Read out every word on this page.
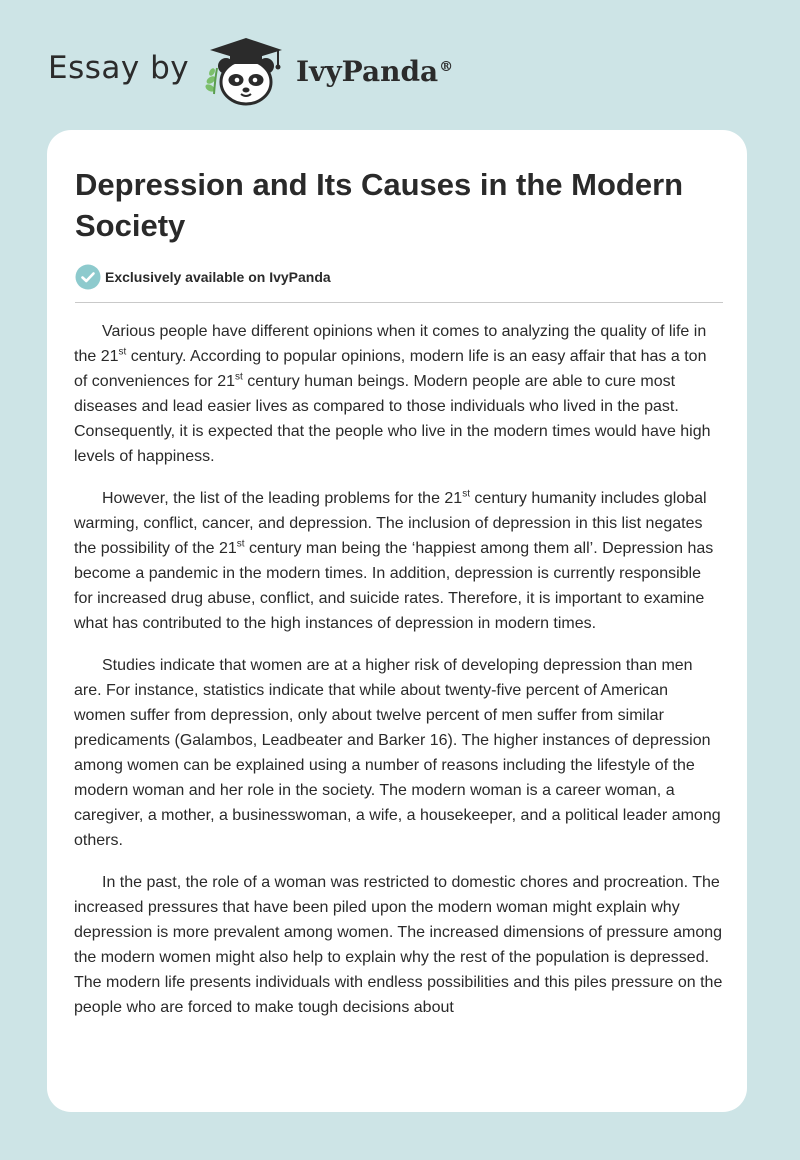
Essay by	IvyPanda®
Depression and Its Causes in the Modern Society
Exclusively available on IvyPanda

Various people have different opinions when it comes to analyzing the quality of life in the 21st century. According to popular opinions, modern life is an easy affair that has a ton of conveniences for 21st century human beings. Modern people are able to cure most diseases and lead easier lives as compared to those individuals who lived in the past. Consequently, it is expected that the people who live in the modern times would have high levels of happiness.

However, the list of the leading problems for the 21st century humanity includes global warming, conflict, cancer, and depression. The inclusion of depression in this list negates the possibility of the 21st century man being the ‘happiest among them all’. Depression has become a pandemic in the modern times. In addition, depression is currently responsible for increased drug abuse, conflict, and suicide rates. Therefore, it is important to examine what has contributed to the high instances of depression in modern times.

Studies indicate that women are at a higher risk of developing depression than men are. For instance, statistics indicate that while about twenty-five percent of American women suffer from depression, only about twelve percent of men suffer from similar predicaments (Galambos, Leadbeater and Barker 16). The higher instances of depression among women can be explained using a number of reasons including the lifestyle of the modern woman and her role in the society. The modern woman is a career woman, a caregiver, a mother, a businesswoman, a wife, a housekeeper, and a political leader among others.

In the past, the role of a woman was restricted to domestic chores and procreation. The increased pressures that have been piled upon the modern woman might explain why depression is more prevalent among women. The increased dimensions of pressure among the modern women might also help to explain why the rest of the population is depressed. The modern life presents individuals with endless possibilities and this piles pressure on the people who are forced to make tough decisions about
